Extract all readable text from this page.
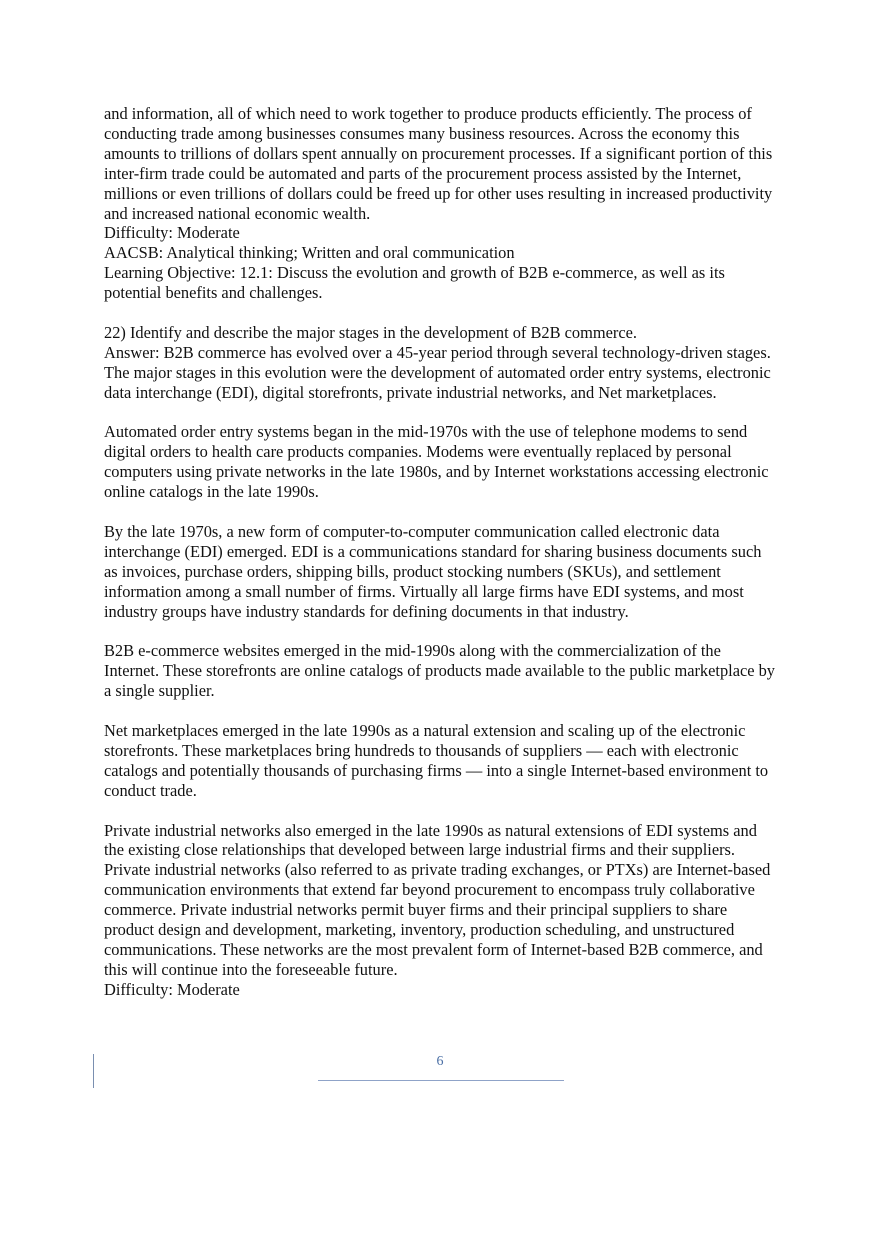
and information, all of which need to work together to produce products efficiently. The process of conducting trade among businesses consumes many business resources. Across the economy this amounts to trillions of dollars spent annually on procurement processes. If a significant portion of this inter-firm trade could be automated and parts of the procurement process assisted by the Internet, millions or even trillions of dollars could be freed up for other uses resulting in increased productivity and increased national economic wealth.

Difficulty: Moderate

AACSB: Analytical thinking; Written and oral communication

Learning Objective: 12.1: Discuss the evolution and growth of B2B e-commerce, as well as its potential benefits and challenges.

22) Identify and describe the major stages in the development of B2B commerce.

Answer: B2B commerce has evolved over a 45-year period through several technology-driven stages. The major stages in this evolution were the development of automated order entry systems, electronic data interchange (EDI), digital storefronts, private industrial networks, and Net marketplaces.

Automated order entry systems began in the mid-1970s with the use of telephone modems to send digital orders to health care products companies. Modems were eventually replaced by personal computers using private networks in the late 1980s, and by Internet workstations accessing electronic online catalogs in the late 1990s.

By the late 1970s, a new form of computer-to-computer communication called electronic data interchange (EDI) emerged. EDI is a communications standard for sharing business documents such as invoices, purchase orders, shipping bills, product stocking numbers (SKUs), and settlement information among a small number of firms. Virtually all large firms have EDI systems, and most industry groups have industry standards for defining documents in that industry.

B2B e-commerce websites emerged in the mid-1990s along with the commercialization of the Internet. These storefronts are online catalogs of products made available to the public marketplace by a single supplier.

Net marketplaces emerged in the late 1990s as a natural extension and scaling up of the electronic storefronts. These marketplaces bring hundreds to thousands of suppliers — each with electronic catalogs and potentially thousands of purchasing firms — into a single Internet-based environment to conduct trade.

Private industrial networks also emerged in the late 1990s as natural extensions of EDI systems and the existing close relationships that developed between large industrial firms and their suppliers. Private industrial networks (also referred to as private trading exchanges, or PTXs) are Internet-based communication environments that extend far beyond procurement to encompass truly collaborative commerce. Private industrial networks permit buyer firms and their principal suppliers to share product design and development, marketing, inventory, production scheduling, and unstructured communications. These networks are the most prevalent form of Internet-based B2B commerce, and this will continue into the foreseeable future.

Difficulty: Moderate

6
